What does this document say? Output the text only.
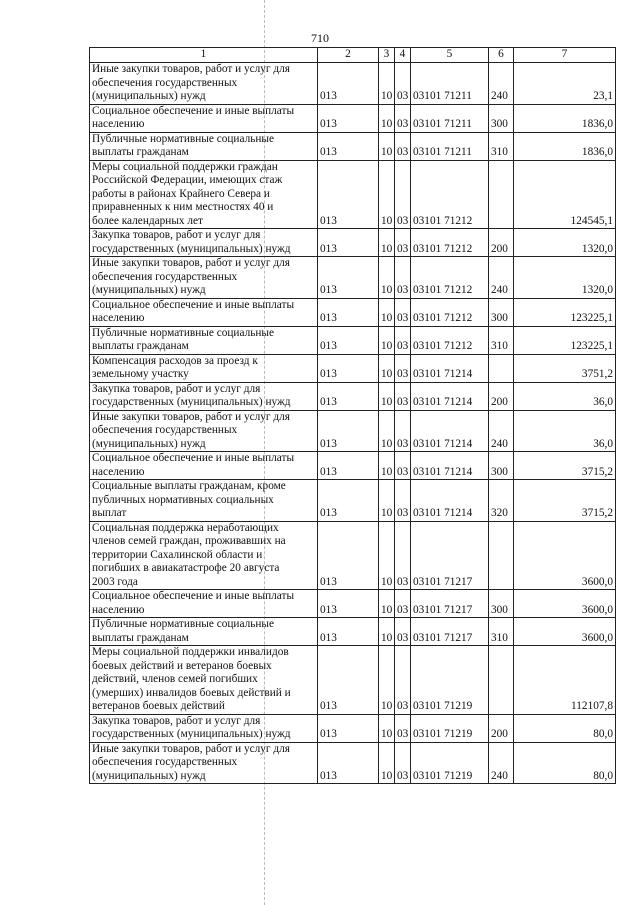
710
1	2	3	4	5	6	7
Иные закупки товаров, работ и услуг для
обеспечения государственных
(муниципальных) нужд	013	10	03	03101 71211	240	23,1
Социальное обеспечение и иные выплаты
населению	013	10	03	03101 71211	300	1836,0
Публичные нормативные социальные
выплаты гражданам	013	10	03	03101 71211	310	1836,0
Меры социальной поддержки граждан
Российской Федерации, имеющих стаж
работы в районах Крайнего Севера и
приравненных к ним местностях 40 и
более календарных лет	013	10	03	03101 71212		124545,1
Закупка товаров, работ и услуг для
государственных (муниципальных) нужд	013	10	03	03101 71212	200	1320,0
Иные закупки товаров, работ и услуг для
обеспечения государственных
(муниципальных) нужд	013	10	03	03101 71212	240	1320,0
Социальное обеспечение и иные выплаты
населению	013	10	03	03101 71212	300	123225,1
Публичные нормативные социальные
выплаты гражданам	013	10	03	03101 71212	310	123225,1
Компенсация расходов за проезд к
земельному участку	013	10	03	03101 71214		3751,2
Закупка товаров, работ и услуг для
государственных (муниципальных) нужд	013	10	03	03101 71214	200	36,0
Иные закупки товаров, работ и услуг для
обеспечения государственных
(муниципальных) нужд	013	10	03	03101 71214	240	36,0
Социальное обеспечение и иные выплаты
населению	013	10	03	03101 71214	300	3715,2
Социальные выплаты гражданам, кроме
публичных нормативных социальных
выплат	013	10	03	03101 71214	320	3715,2
Социальная поддержка неработающих
членов семей граждан, проживавших на
территории Сахалинской области и
погибших в авиакатастрофе 20 августа
2003 года	013	10	03	03101 71217		3600,0
Социальное обеспечение и иные выплаты
населению	013	10	03	03101 71217	300	3600,0
Публичные нормативные социальные
выплаты гражданам	013	10	03	03101 71217	310	3600,0
Меры социальной поддержки инвалидов
боевых действий и ветеранов боевых
действий, членов семей погибших
(умерших) инвалидов боевых действий и
ветеранов боевых действий	013	10	03	03101 71219		112107,8
Закупка товаров, работ и услуг для
государственных (муниципальных) нужд	013	10	03	03101 71219	200	80,0
Иные закупки товаров, работ и услуг для
обеспечения государственных
(муниципальных) нужд	013	10	03	03101 71219	240	80,0
